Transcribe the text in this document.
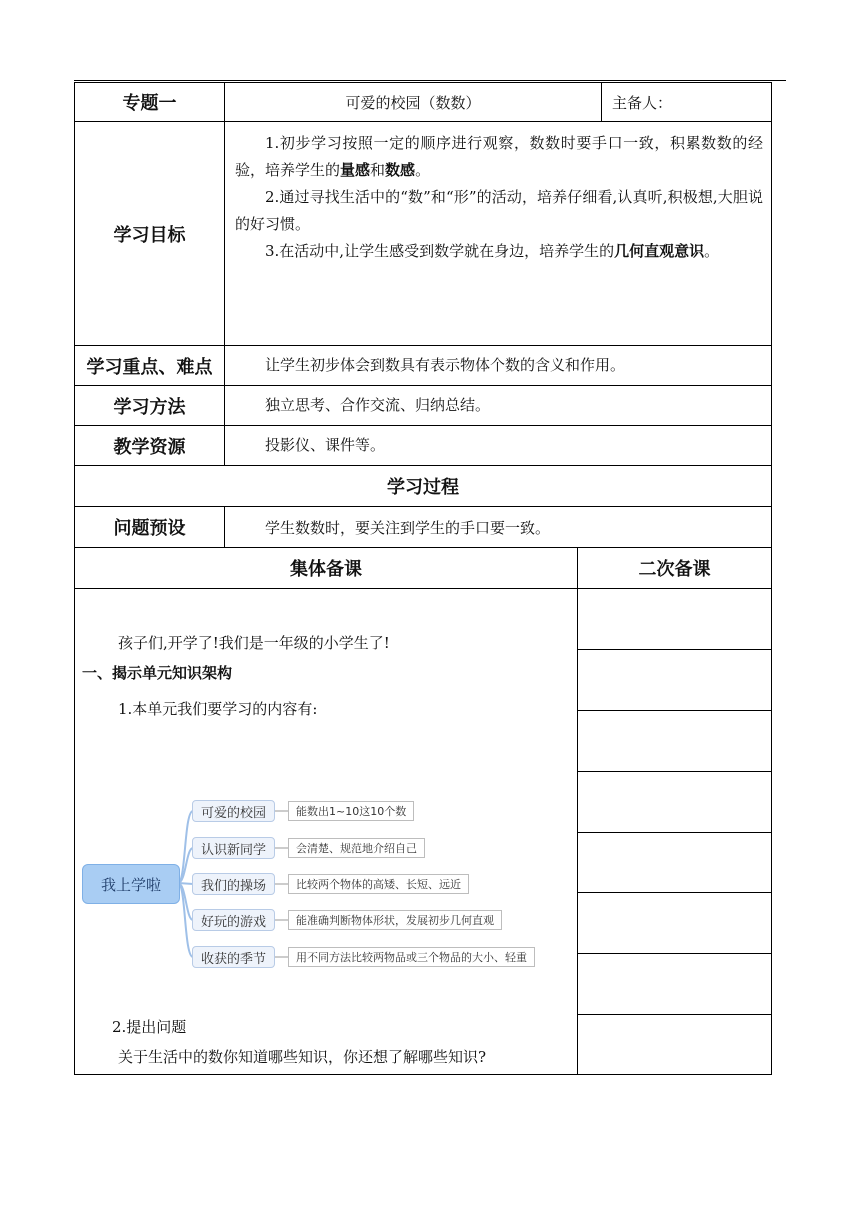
专题一	可爱的校园（数数）	主备人：
学习目标

1.初步学习按照一定的顺序进行观察，数数时要手口一致，积累数数的经验，培养学生的量感和数感。

2.通过寻找生活中的“数”和“形”的活动，培养仔细看,认真听,积极想,大胆说的好习惯。

3.在活动中,让学生感受到数学就在身边，培养学生的几何直观意识。

学习重点、难点	让学生初步体会到数具有表示物体个数的含义和作用。
学习方法	独立思考、合作交流、归纳总结。
教学资源	投影仪、课件等。
学习过程
问题预设	学生数数时，要关注到学生的手口要一致。
集体备课	二次备课
孩子们,开学了!我们是一年级的小学生了!
一、揭示单元知识架构
1.本单元我们要学习的内容有:
我上学啦
可爱的校园
认识新同学
我们的操场
好玩的游戏
收获的季节
能数出1~10这10个数
会清楚、规范地介绍自己
比较两个物体的高矮、长短、远近
能准确判断物体形状，发展初步几何直观
用不同方法比较两物品或三个物品的大小、轻重
2.提出问题
关于生活中的数你知道哪些知识，你还想了解哪些知识?
